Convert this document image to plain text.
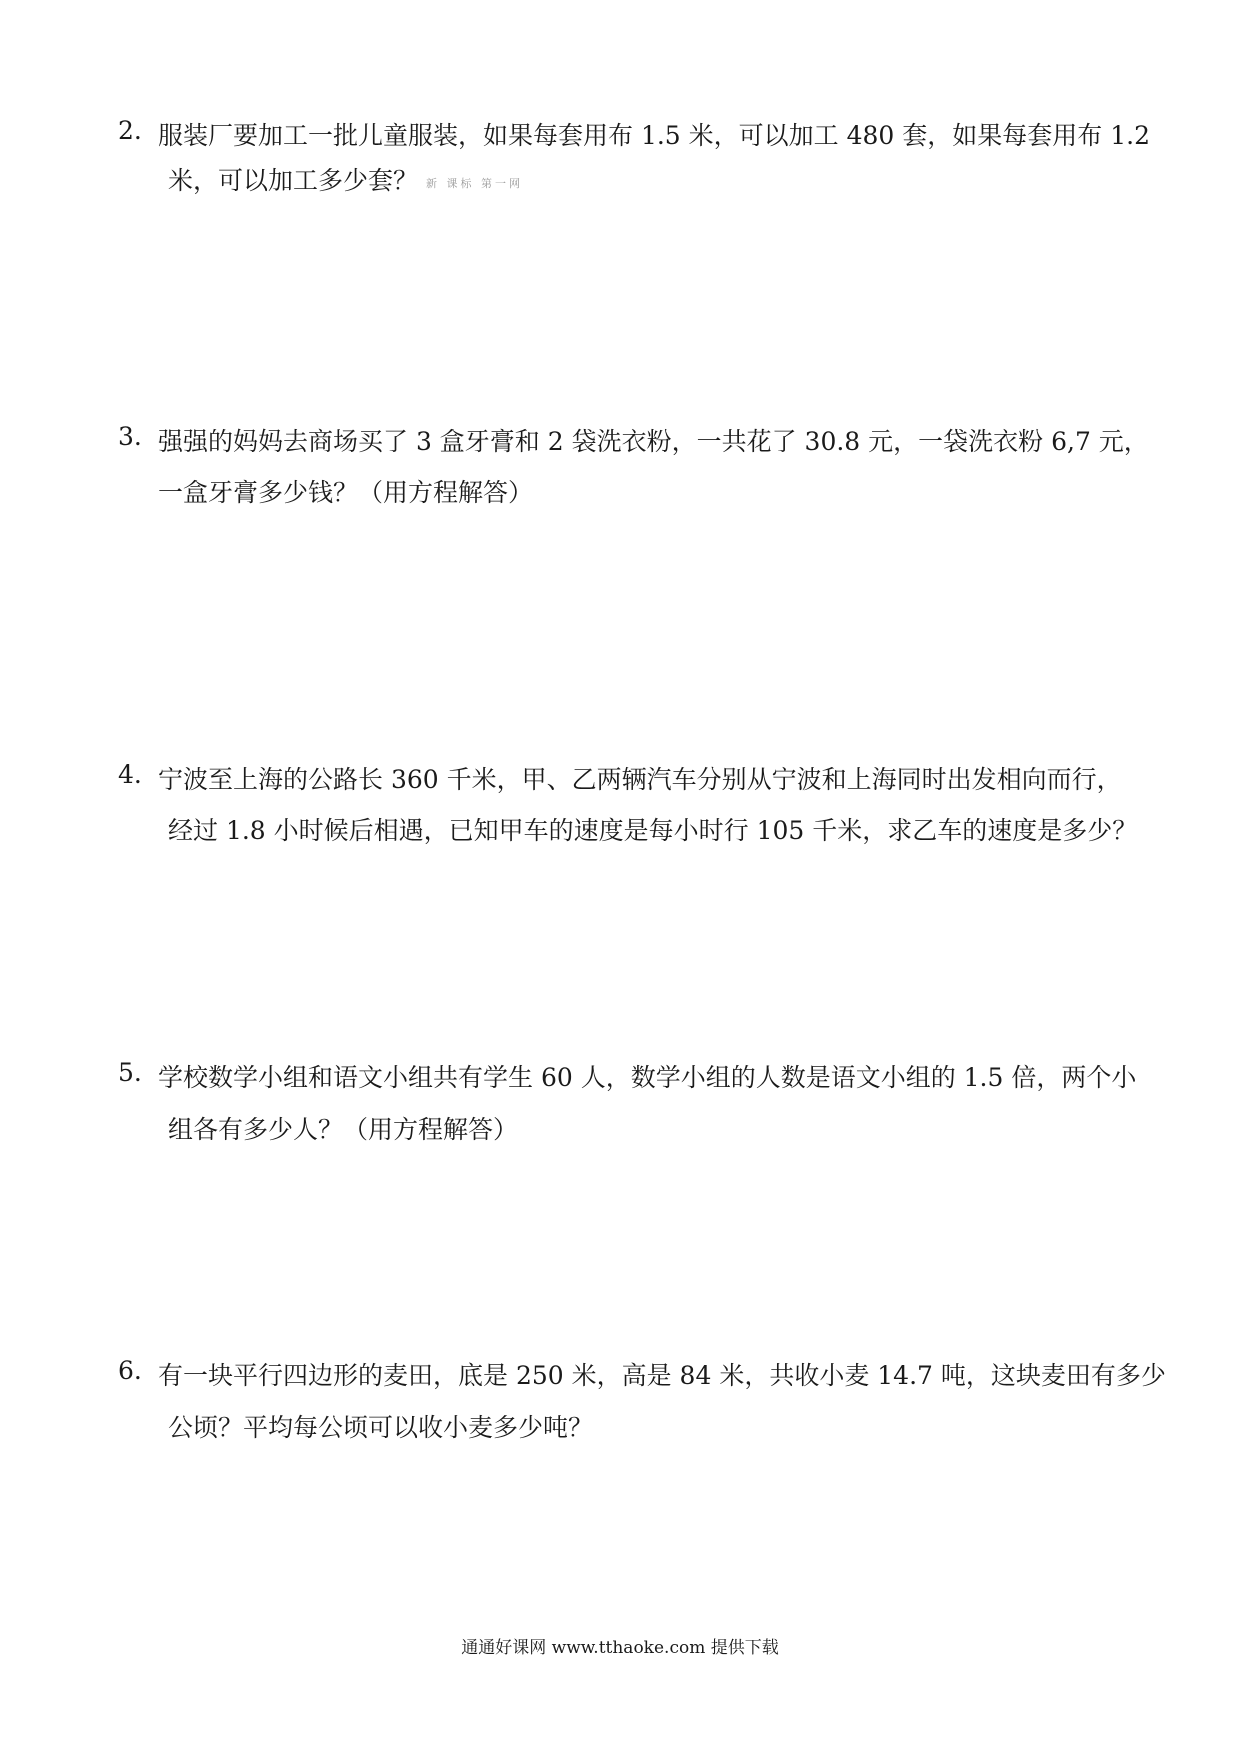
2. 服装厂要加工一批儿童服装，如果每套用布 1.5 米，可以加工 480 套，如果每套用布 1.2
米，可以加工多少套？ 新 课标 第一网
3. 强强的妈妈去商场买了 3 盒牙膏和 2 袋洗衣粉，一共花了 30.8 元，一袋洗衣粉 6,7 元，
一盒牙膏多少钱？（用方程解答）
4. 宁波至上海的公路长 360 千米，甲、乙两辆汽车分别从宁波和上海同时出发相向而行，
经过 1.8 小时候后相遇，已知甲车的速度是每小时行 105 千米，求乙车的速度是多少？
5. 学校数学小组和语文小组共有学生 60 人，数学小组的人数是语文小组的 1.5 倍，两个小
组各有多少人？（用方程解答）
6. 有一块平行四边形的麦田，底是 250 米，高是 84 米，共收小麦 14.7 吨，这块麦田有多少
公顷？平均每公顷可以收小麦多少吨？
通通好课网 www.tthaoke.com 提供下载
